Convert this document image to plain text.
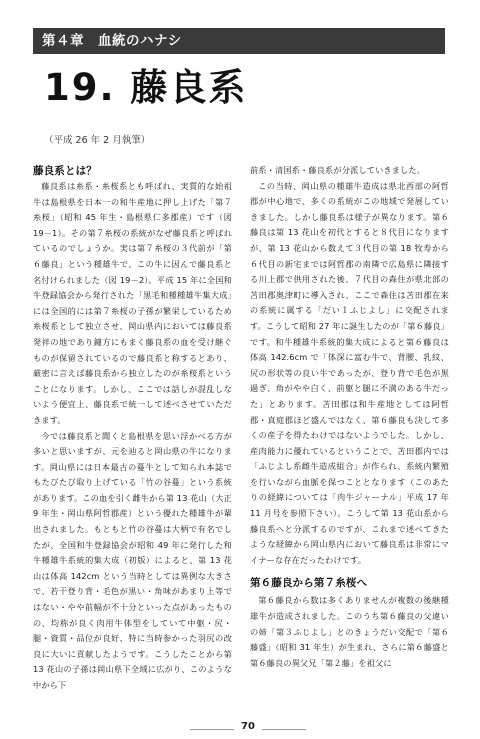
第４章　血統のハナシ
19. 藤良系
（平成 26 年 2 月執筆）
藤良系とは？

藤良系は糸系・糸桜系とも呼ばれ、実質的な始祖牛は島根県を日本一の和牛産地に押し上げた「第７糸桜」（昭和 45 年生・島根県仁多郡産）です（図 19－1）。その第７糸桜の系統がなぜ藤良系と呼ばれているのでしょうか。実は第７糸桜の３代前が「第６藤良」という種雄牛で、この牛に因んで藤良系と名付けられました（図 19－2）。平成 15 年に全国和牛登録協会から発行された「黒毛和種種雄牛集大成」には全国的には第７糸桜の子孫が繁栄しているため糸桜系として独立させ、岡山県内においては藤良系発祥の地であり鐘方にもまく藤良系の血を受け継ぐものが保留されているので藤良系と称するとあり、厳密に言えば藤良系から独立したのが糸桜系ということになります。しかし、ここでは話しが混乱しないよう便宜上、藤良系で統一して述べさせていただきます。

今では藤良系と聞くと島根県を思い浮かべる方が多いと思いますが、元を辿ると岡山県の牛になります。岡山県には日本最古の蔓牛として知られ本誌でもたびたび取り上げている「竹の谷蔓」という系統があります。この血を引く雌牛から第 13 花山（大正 9 年生・岡山県阿哲郡産）という優れた種雄牛が輩出されました。もともと竹の谷蔓は大柄で有名でしたが、全国和牛登録協会が昭和 49 年に発行した和牛種雄牛系統的集大成（初版）によると、第 13 花山は体高 142cm という当時としては異例な大きさで、若干登り背・毛色が黒い・角味があまり上等ではない・やや前幅が不十分といった点があったものの、均称が良く肉用牛体型をしていて中躯・尻・腿・資質・品位が良好、特に当時参かった羽尻の改良に大いに貢献したようです。こうしたことから第 13 花山の子孫は岡山県下全域に広がり、このような中から下

前系・清国系・藤良系が分派していきました。

この当時、岡山県の種雄牛造成は県北西部の阿哲郡が中心地で、多くの系統がこの地域で発展していきました。しかし藤良系は様子が異なります。第６藤良は第 13 花山を初代とすると８代目になりますが、第 13 花山から数えて３代目の第 18 牧寿から６代目の新宅までは阿哲郡の南隣で広島県に隣接する川上郡で供用された後、７代目の森住が県北部の苫田郡奥津町に導入され、ここで森住は苫田郡在来の系統に属する「だい１ふじよし」に交配されます。こうして昭和 27 年に誕生したのが「第６藤良」です。和牛種雄牛系統的集大成によると第６藤良は体高 142.6cm で「体深に富む牛で、背腰、乳紋、尻の形状等の良い牛であったが、登り背で毛色が黒過ぎ、角がやや白く、前躯と腿に不満のある牛だった」とあります。苫田郡は和牛産地としては阿哲郡・真庭郡ほど盛んではなく、第６藤良も決して多くの産子を得たわけではないようでした。しかし、産肉能力に優れているということで、苫田郡内では「ふじよし系雌牛造成組合」が作られ、系統内繁殖を行いながら血脈を保つこととなります（このあたりの経緯については「肉牛ジャーナル」平成 17 年 11 月号を参照下さい）。こうして第 13 花山系から藤良系へと分派するのですが、これまで述べてきたような経緯から岡山県内において藤良系は非常にマイナーな存在だったわけです。

第６藤良から第７糸桜へ

第６藤良から数は多くありませんが複数の後継種雄牛が造成されました。このうち第６藤良の父違いの姉「第３ふじよし」とのきょうだい交配で「第６藤盛」（昭和 31 年生）が生まれ、さらに第６藤盛と第６藤良の異父兄「第２藤」を祖父に

70
